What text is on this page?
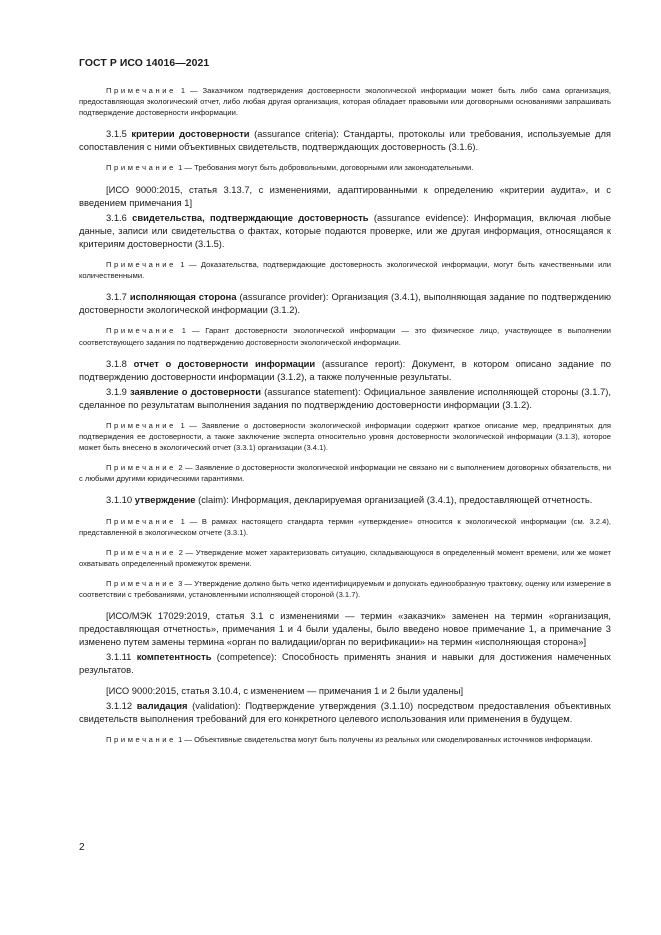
ГОСТ Р ИСО 14016—2021

Примечание 1 — Заказчиком подтверждения достоверности экологической информации может быть либо сама организация, предоставляющая экологический отчет, либо любая другая организация, которая обладает правовыми или договорными основаниями запрашивать подтверждение достоверности информации.

3.1.5 критерии достоверности (assurance criteria): Стандарты, протоколы или требования, используемые для сопоставления с ними объективных свидетельств, подтверждающих достоверность (3.1.6).

Примечание 1 — Требования могут быть добровольными, договорными или законодательными.

[ИСО 9000:2015, статья 3.13.7, с изменениями, адаптированными к определению «критерии аудита», и с введением примечания 1]

3.1.6 свидетельства, подтверждающие достоверность (assurance evidence): Информация, включая любые данные, записи или свидетельства о фактах, которые подаются проверке, или же другая информация, относящаяся к критериям достоверности (3.1.5).

Примечание 1 — Доказательства, подтверждающие достоверность экологической информации, могут быть качественными или количественными.

3.1.7 исполняющая сторона (assurance provider): Организация (3.4.1), выполняющая задание по подтверждению достоверности экологической информации (3.1.2).

Примечание 1 — Гарант достоверности экологической информации — это физическое лицо, участвующее в выполнении соответствующего задания по подтверждению достоверности экологической информации.

3.1.8 отчет о достоверности информации (assurance report): Документ, в котором описано задание по подтверждению достоверности информации (3.1.2), а также полученные результаты.

3.1.9 заявление о достоверности (assurance statement): Официальное заявление исполняющей стороны (3.1.7), сделанное по результатам выполнения задания по подтверждению достоверности информации (3.1.2).

Примечание 1 — Заявление о достоверности экологической информации содержит краткое описание мер, предпринятых для подтверждения ее достоверности, а также заключение эксперта относительно уровня достоверности экологической информации (3.1.3), которое может быть внесено в экологический отчет (3.3.1) организации (3.4.1).

Примечание 2 — Заявление о достоверности экологической информации не связано ни с выполнением договорных обязательств, ни с любыми другими юридическими гарантиями.

3.1.10 утверждение (claim): Информация, декларируемая организацией (3.4.1), предоставляющей отчетность.

Примечание 1 — В рамках настоящего стандарта термин «утверждение» относится к экологической информации (см. 3.2.4), представленной в экологическом отчете (3.3.1).

Примечание 2 — Утверждение может характеризовать ситуацию, складывающуюся в определенный момент времени, или же может охватывать определенный промежуток времени.

Примечание 3 — Утверждение должно быть четко идентифицируемым и допускать единообразную трактовку, оценку или измерение в соответствии с требованиями, установленными исполняющей стороной (3.1.7).

[ИСО/МЭК 17029:2019, статья 3.1 с изменениями — термин «заказчик» заменен на термин «организация, предоставляющая отчетность», примечания 1 и 4 были удалены, было введено новое примечание 1, а примечание 3 изменено путем замены термина «орган по валидации/орган по верификации» на термин «исполняющая сторона»]

3.1.11 компетентность (competence): Способность применять знания и навыки для достижения намеченных результатов.

[ИСО 9000:2015, статья 3.10.4, с изменением — примечания 1 и 2 были удалены]

3.1.12 валидация (validation): Подтверждение утверждения (3.1.10) посредством предоставления объективных свидетельств выполнения требований для его конкретного целевого использования или применения в будущем.

Примечание 1 — Объективные свидетельства могут быть получены из реальных или смоделированных источников информации.

2
